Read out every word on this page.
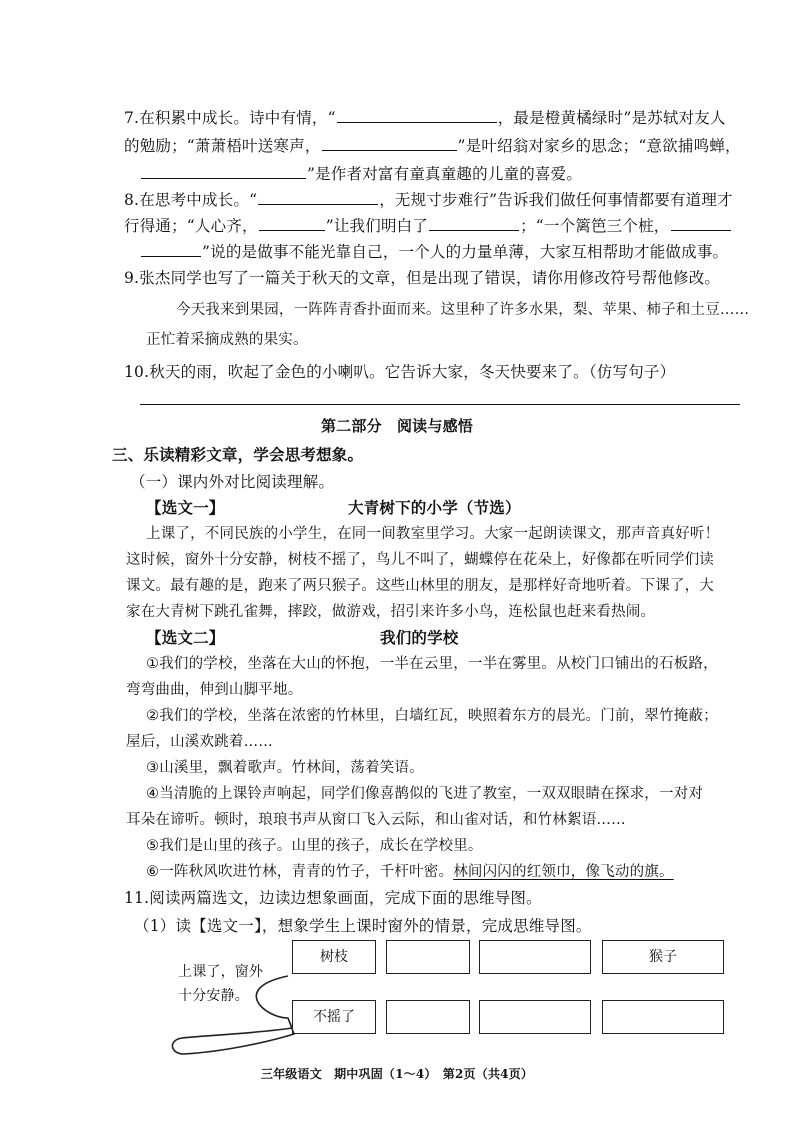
7.在积累中成长。诗中有情，“	，最是橙黄橘绿时”是苏轼对友人
的勉励；“萧萧梧叶送寒声，	”是叶绍翁对家乡的思念；“意欲捕鸣蝉，
”是作者对富有童真童趣的儿童的喜爱。
8.在思考中成长。“	，无规寸步难行”告诉我们做任何事情都要有道理才
行得通；“人心齐，	”让我们明白了	；“一个篱笆三个桩，
”说的是做事不能光靠自己，一个人的力量单薄，大家互相帮助才能做成事。
9.张杰同学也写了一篇关于秋天的文章，但是出现了错误，请你用修改符号帮他修改。
今天我来到果园，一阵阵青香扑面而来。这里种了许多水果，梨、苹果、柿子和土豆……
正忙着采摘成熟的果实。
10.秋天的雨，吹起了金色的小喇叭。它告诉大家，冬天快要来了。（仿写句子）
第二部分　阅读与感悟
三、乐读精彩文章，学会思考想象。
（一）课内外对比阅读理解。
【选文一】	大青树下的小学（节选）
上课了，不同民族的小学生，在同一间教室里学习。大家一起朗读课文，那声音真好听！
这时候，窗外十分安静，树枝不摇了，鸟儿不叫了，蝴蝶停在花朵上，好像都在听同学们读
课文。最有趣的是，跑来了两只猴子。这些山林里的朋友，是那样好奇地听着。下课了，大
家在大青树下跳孔雀舞，摔跤，做游戏，招引来许多小鸟，连松鼠也赶来看热闹。
【选文二】	我们的学校
①我们的学校，坐落在大山的怀抱，一半在云里，一半在雾里。从校门口铺出的石板路，
弯弯曲曲，伸到山脚平地。
②我们的学校，坐落在浓密的竹林里，白墙红瓦，映照着东方的晨光。门前，翠竹掩蔽；
屋后，山溪欢跳着……
③山溪里，飘着歌声。竹林间，荡着笑语。
④当清脆的上课铃声响起，同学们像喜鹊似的飞进了教室，一双双眼睛在探求，一对对
耳朵在谛听。顿时，琅琅书声从窗口飞入云际，和山雀对话，和竹林絮语……
⑤我们是山里的孩子。山里的孩子，成长在学校里。
⑥一阵秋风吹进竹林，青青的竹子，千杆叶密。林间闪闪的红领巾，像飞动的旗。
11.阅读两篇选文，边读边想象画面，完成下面的思维导图。
（1）读【选文一】，想象学生上课时窗外的情景，完成思维导图。
上课了，窗外
十分安静。
树枝	猴子
不摇了
三年级语文　期中巩固（1～4）　第2页（共4页）
